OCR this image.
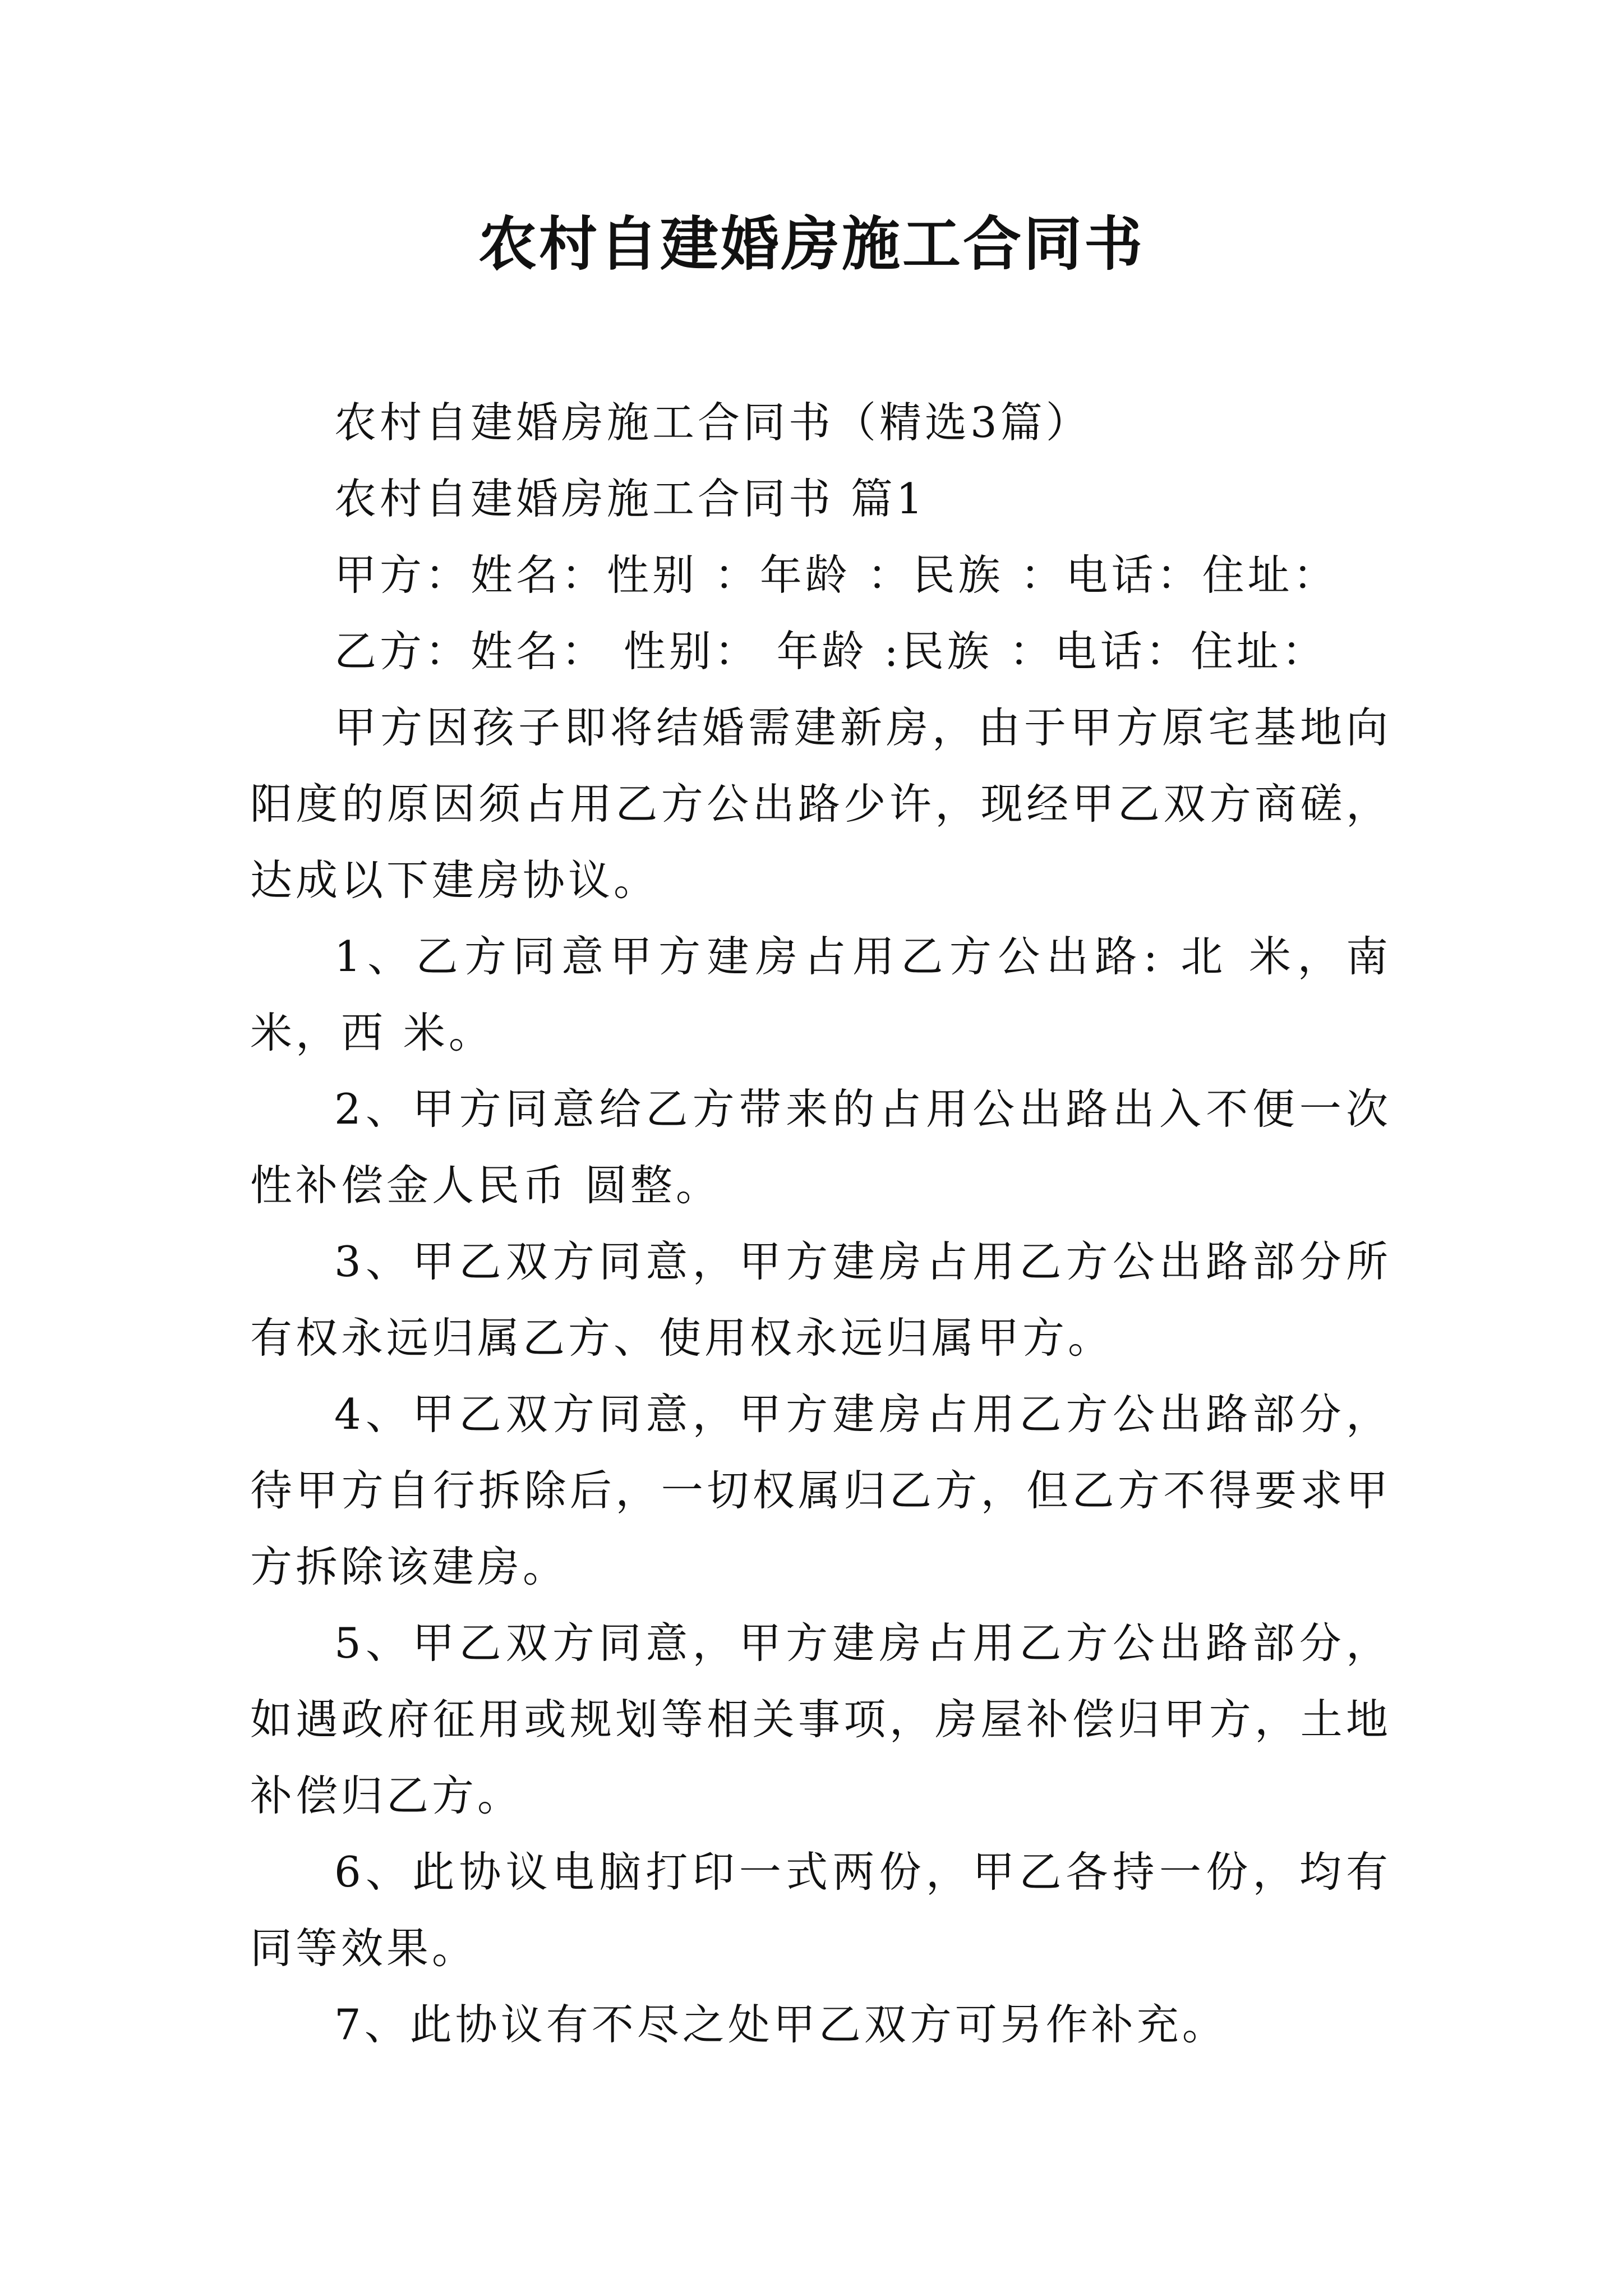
农村自建婚房施工合同书

农村自建婚房施工合同书（精选3篇）

农村自建婚房施工合同书 篇1

甲方：姓名：性别 ：年龄 ：民族 ：电话：住址：

乙方：姓名： 性别： 年龄 :民族 ：电话：住址：

甲方因孩子即将结婚需建新房，由于甲方原宅基地向阳度的原因须占用乙方公出路少许，现经甲乙双方商磋，达成以下建房协议。

1、乙方同意甲方建房占用乙方公出路: 北 米，南 米，西 米。

2、甲方同意给乙方带来的占用公出路出入不便一次性补偿金人民币 圆整。

3、甲乙双方同意，甲方建房占用乙方公出路部分所有权永远归属乙方、使用权永远归属甲方。

4、甲乙双方同意，甲方建房占用乙方公出路部分，待甲方自行拆除后，一切权属归乙方，但乙方不得要求甲方拆除该建房。

5、甲乙双方同意，甲方建房占用乙方公出路部分，如遇政府征用或规划等相关事项，房屋补偿归甲方，土地补偿归乙方。

6、此协议电脑打印一式两份，甲乙各持一份，均有同等效果。

7、此协议有不尽之处甲乙双方可另作补充。
